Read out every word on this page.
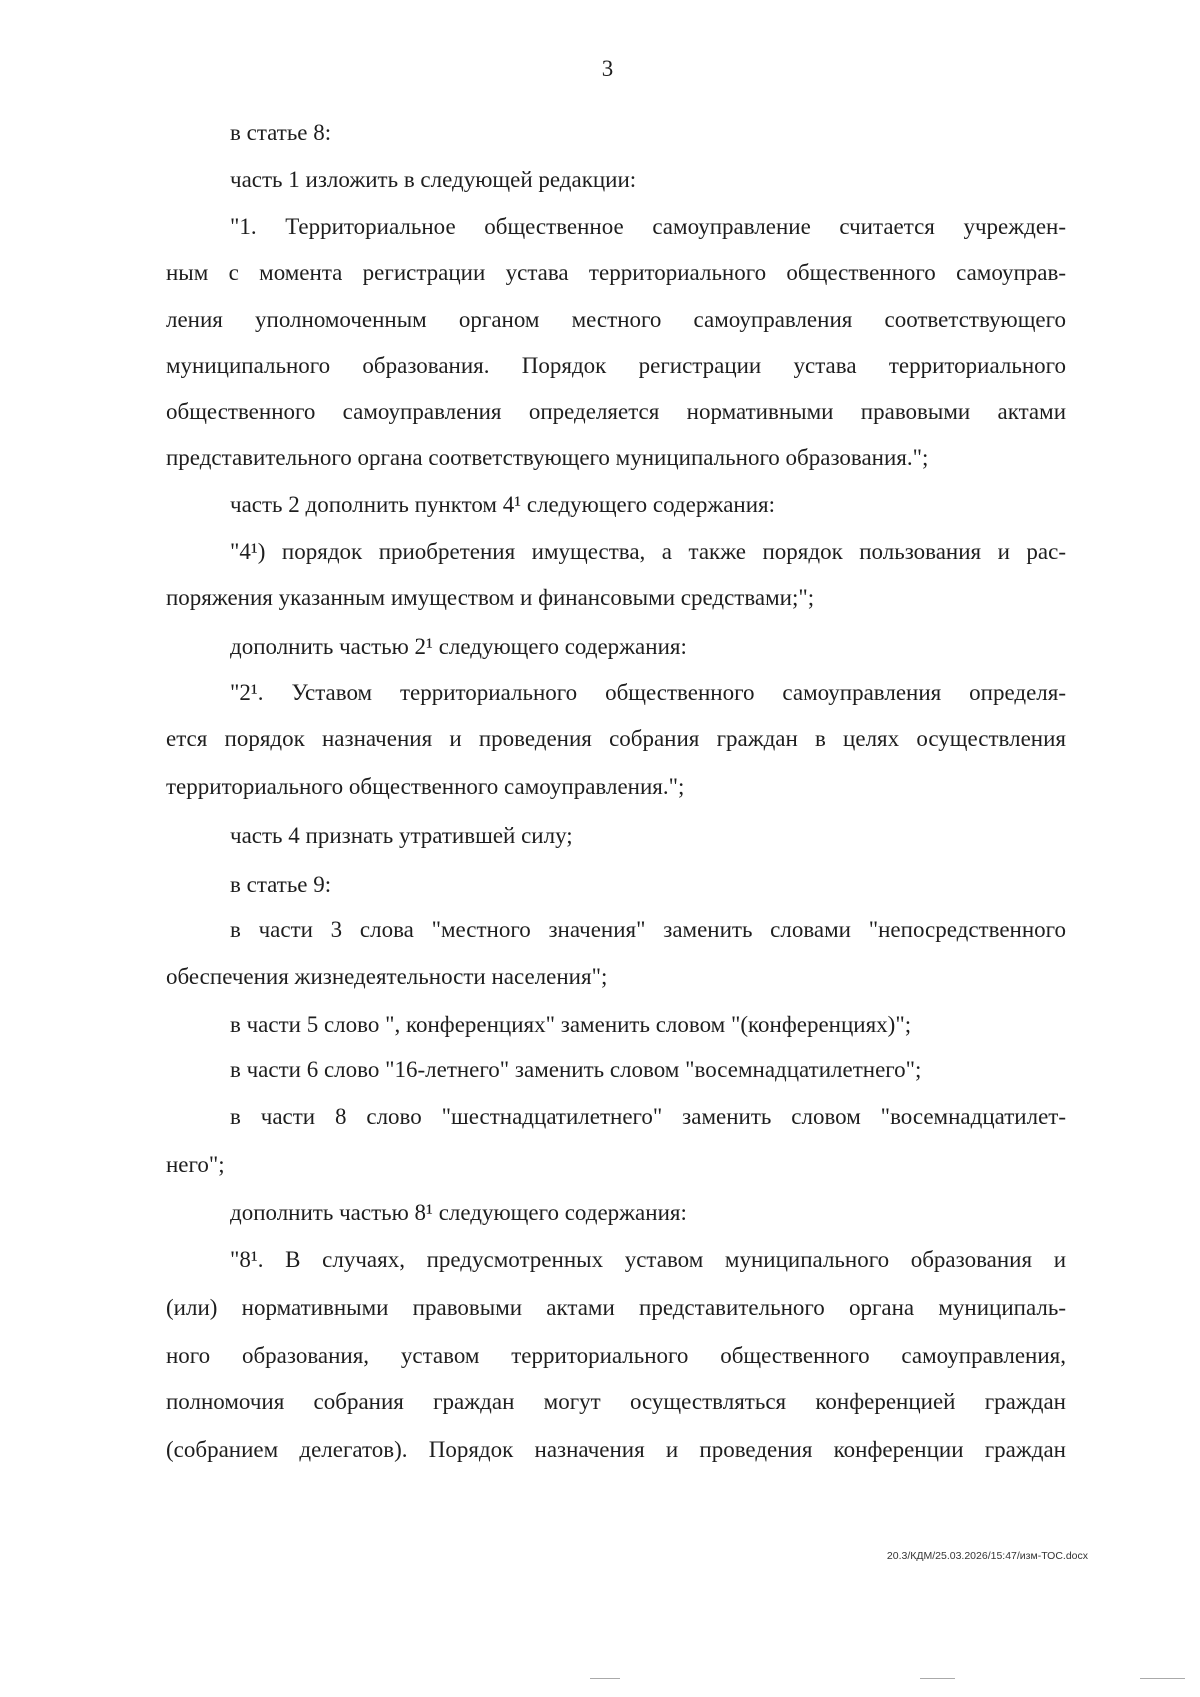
3
в статье 8:
часть 1 изложить в следующей редакции:
"1. Территориальное общественное самоуправление считается учрежден-
ным с момента регистрации устава территориального общественного самоуправ-
ления уполномоченным органом местного самоуправления соответствующего
муниципального образования. Порядок регистрации устава территориального
общественного самоуправления определяется нормативными правовыми актами
представительного органа соответствующего муниципального образования.";
часть 2 дополнить пунктом 4¹ следующего содержания:
"4¹) порядок приобретения имущества, а также порядок пользования и рас-
поряжения указанным имуществом и финансовыми средствами;";
дополнить частью 2¹ следующего содержания:
"2¹. Уставом территориального общественного самоуправления определя-
ется порядок назначения и проведения собрания граждан в целях осуществления
территориального общественного самоуправления.";
часть 4 признать утратившей силу;
в статье 9:
в части 3 слова "местного значения" заменить словами "непосредственного
обеспечения жизнедеятельности населения";
в части 5 слово ", конференциях" заменить словом "(конференциях)";
в части 6 слово "16-летнего" заменить словом "восемнадцатилетнего";
в части 8 слово "шестнадцатилетнего" заменить словом "восемнадцатилет-
него";
дополнить частью 8¹ следующего содержания:
"8¹. В случаях, предусмотренных уставом муниципального образования и
(или) нормативными правовыми актами представительного органа муниципаль-
ного образования, уставом территориального общественного самоуправления,
полномочия собрания граждан могут осуществляться конференцией граждан
(собранием делегатов). Порядок назначения и проведения конференции граждан
20.3/КДМ/25.03.2026/15:47/изм-ТОС.docx
